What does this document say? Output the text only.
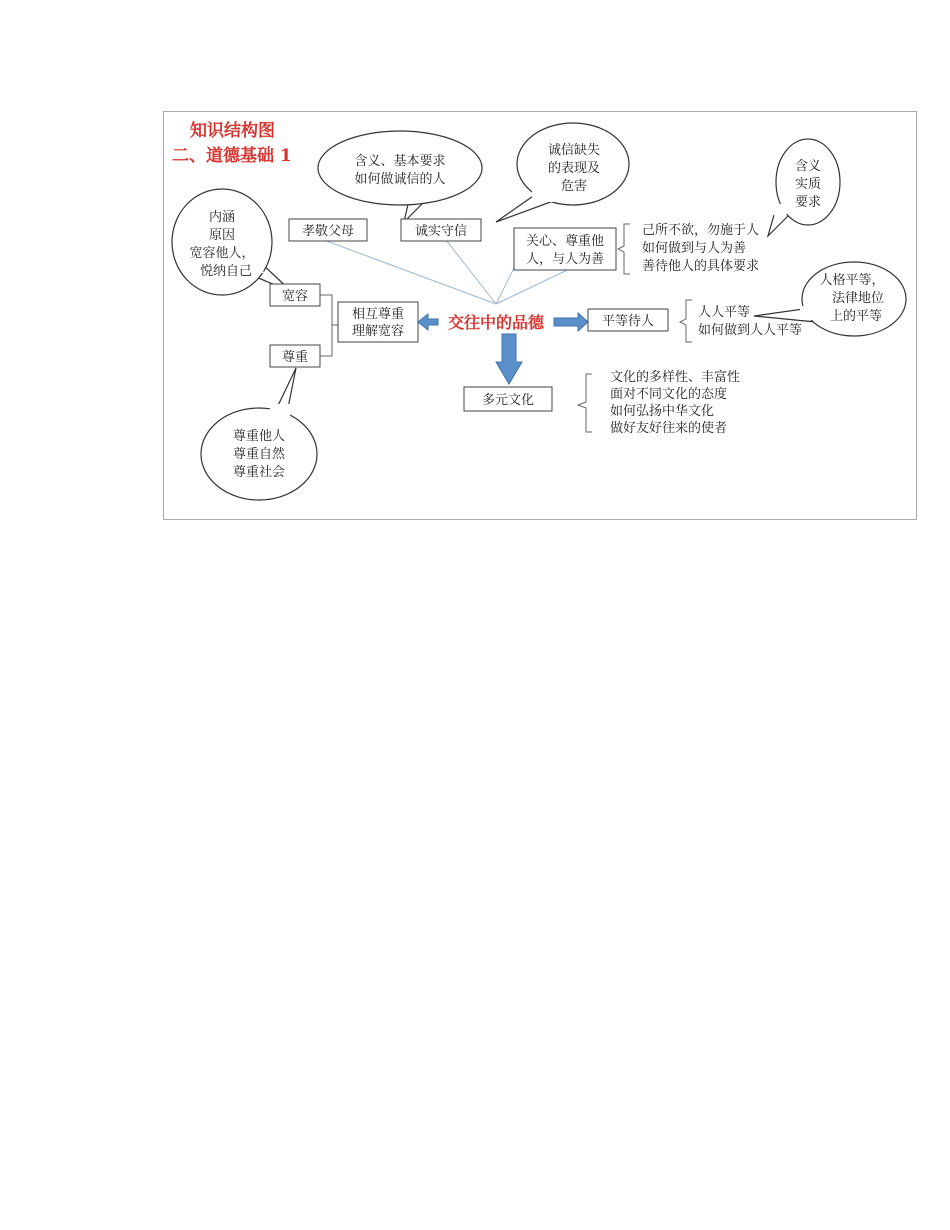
知识结构图
二、道德基础 1	含义、基本要求
如何做诚信的人
诚信缺失
的表现及
危害
内涵
原因
宽容他人，
悦纳自己
含义
实质
要求
人格平等，
法律地位
上的平等
尊重他人
尊重自然
尊重社会
孝敬父母	诚实守信
关心、尊重他
人，与人为善
己所不欲，勿施于人
如何做到与人为善
善待他人的具体要求
宽容
尊重
相互尊重
理解宽容	交往中的品德	平等待人
人人平等
如何做到人人平等
多元文化
文化的多样性、丰富性
面对不同文化的态度
如何弘扬中华文化
做好友好往来的使者
